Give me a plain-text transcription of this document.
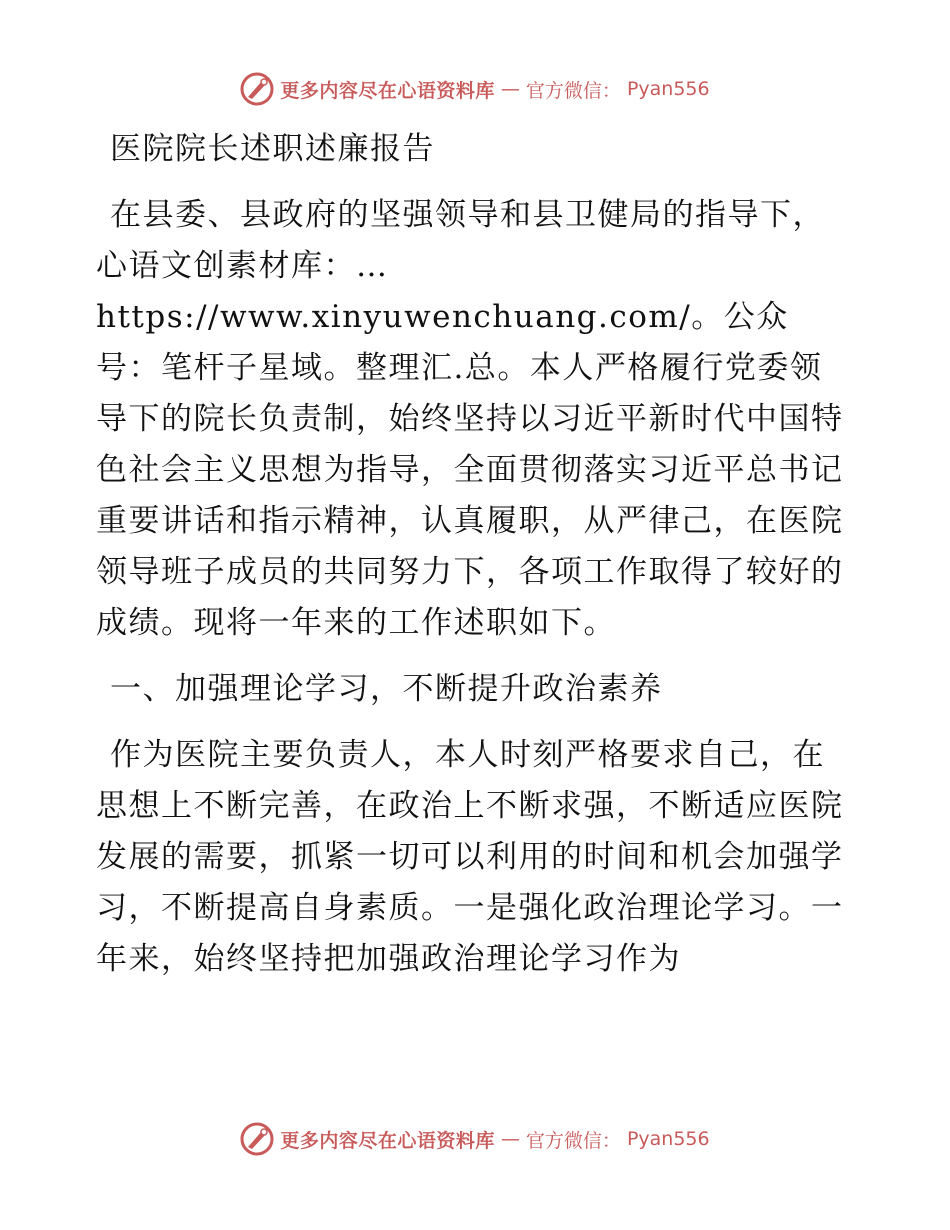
更多内容尽在心语资料库 — 官方微信： Pyan556

医院院长述职述廉报告

在县委、县政府的坚强领导和县卫健局的指导下，心语文创素材库：…https://www.xinyuwenchuang.com/。公众号：笔杆子星域。整理汇.总。本人严格履行党委领导下的院长负责制，始终坚持以习近平新时代中国特色社会主义思想为指导，全面贯彻落实习近平总书记重要讲话和指示精神，认真履职，从严律己，在医院领导班子成员的共同努力下，各项工作取得了较好的成绩。现将一年来的工作述职如下。

一、加强理论学习，不断提升政治素养

作为医院主要负责人，本人时刻严格要求自己，在思想上不断完善，在政治上不断求强，不断适应医院发展的需要，抓紧一切可以利用的时间和机会加强学习，不断提高自身素质。一是强化政治理论学习。一年来，始终坚持把加强政治理论学习作为

更多内容尽在心语资料库 — 官方微信： Pyan556
